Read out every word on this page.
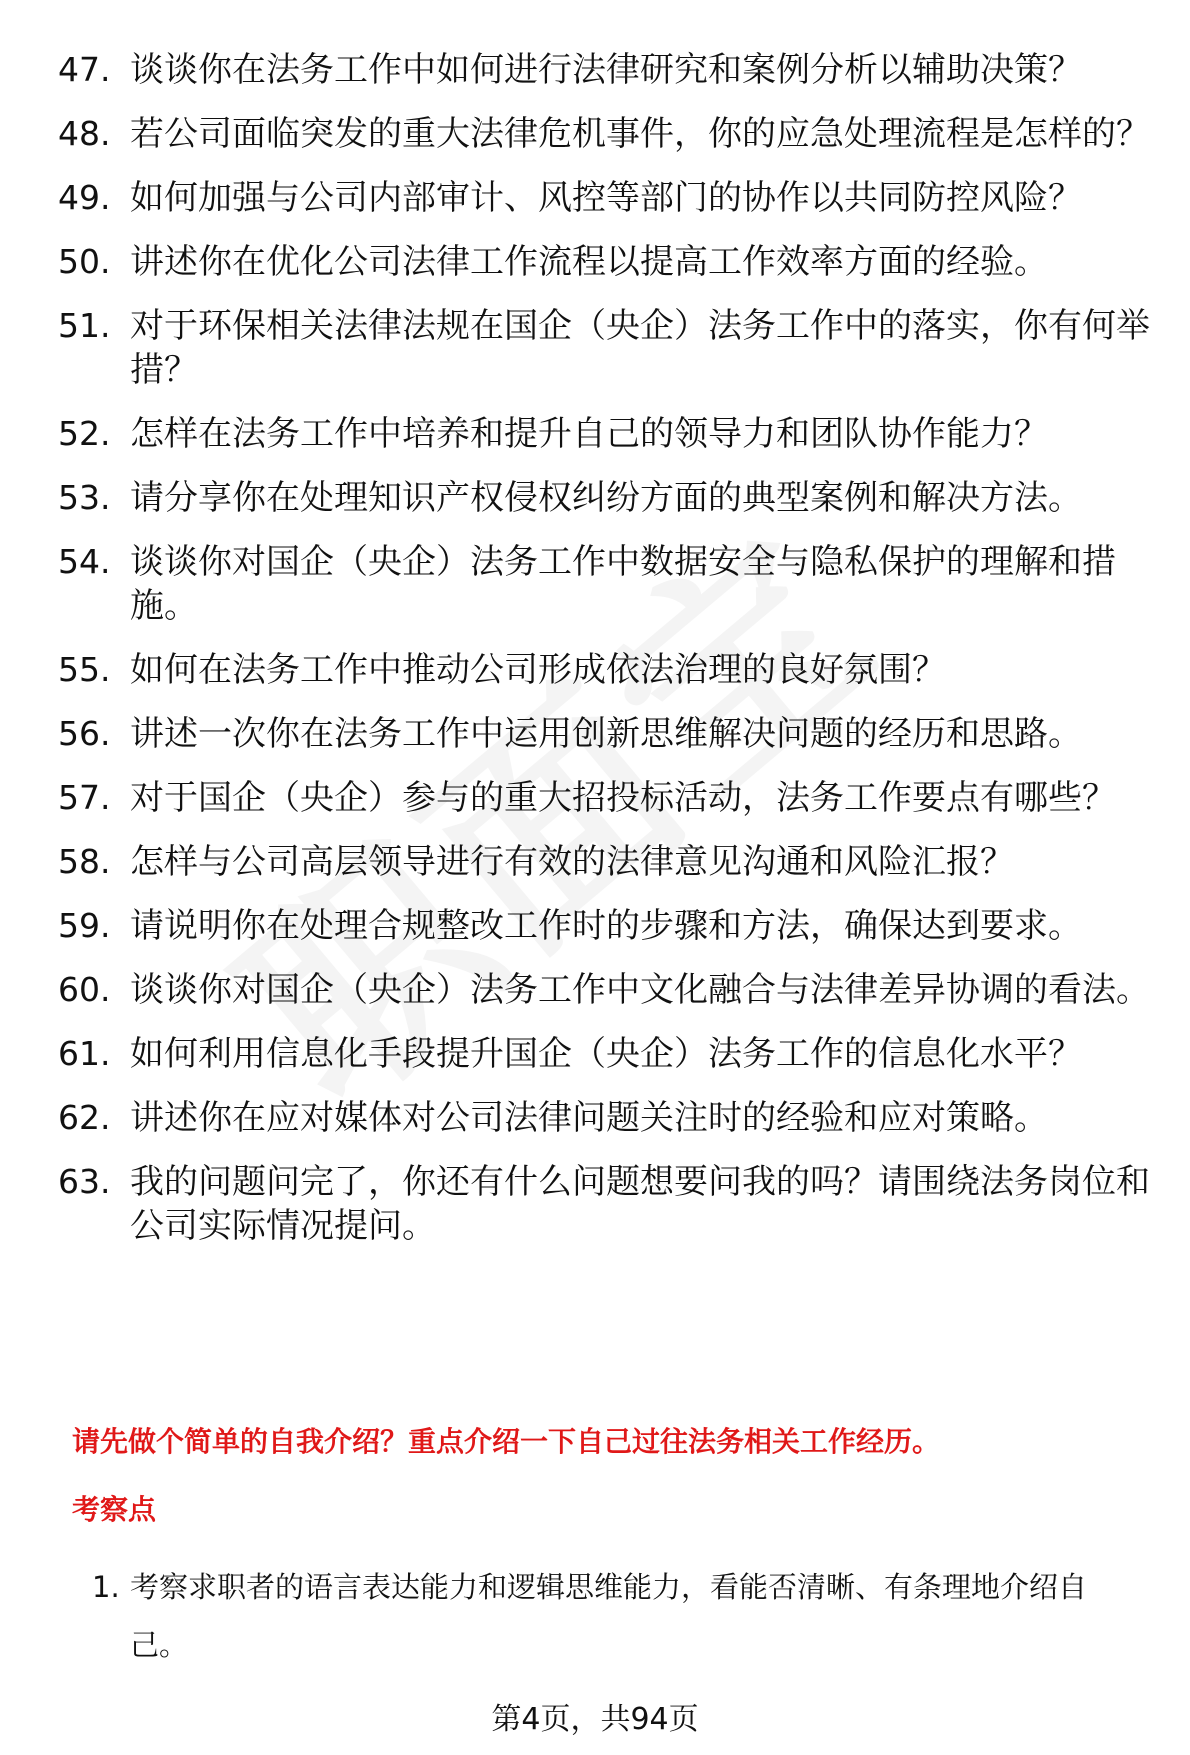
47. 谈谈你在法务工作中如何进行法律研究和案例分析以辅助决策？
48. 若公司面临突发的重大法律危机事件，你的应急处理流程是怎样的？
49. 如何加强与公司内部审计、风控等部门的协作以共同防控风险？
50. 讲述你在优化公司法律工作流程以提高工作效率方面的经验。
51. 对于环保相关法律法规在国企（央企）法务工作中的落实，你有何举措？
52. 怎样在法务工作中培养和提升自己的领导力和团队协作能力？
53. 请分享你在处理知识产权侵权纠纷方面的典型案例和解决方法。
54. 谈谈你对国企（央企）法务工作中数据安全与隐私保护的理解和措施。
55. 如何在法务工作中推动公司形成依法治理的良好氛围？
56. 讲述一次你在法务工作中运用创新思维解决问题的经历和思路。
57. 对于国企（央企）参与的重大招投标活动，法务工作要点有哪些？
58. 怎样与公司高层领导进行有效的法律意见沟通和风险汇报？
59. 请说明你在处理合规整改工作时的步骤和方法，确保达到要求。
60. 谈谈你对国企（央企）法务工作中文化融合与法律差异协调的看法。
61. 如何利用信息化手段提升国企（央企）法务工作的信息化水平？
62. 讲述你在应对媒体对公司法律问题关注时的经验和应对策略。
63. 我的问题问完了，你还有什么问题想要问我的吗？请围绕法务岗位和公司实际情况提问。
请先做个简单的自我介绍？重点介绍一下自己过往法务相关工作经历。
考察点
1. 考察求职者的语言表达能力和逻辑思维能力，看能否清晰、有条理地介绍自己。
第4页，共94页
